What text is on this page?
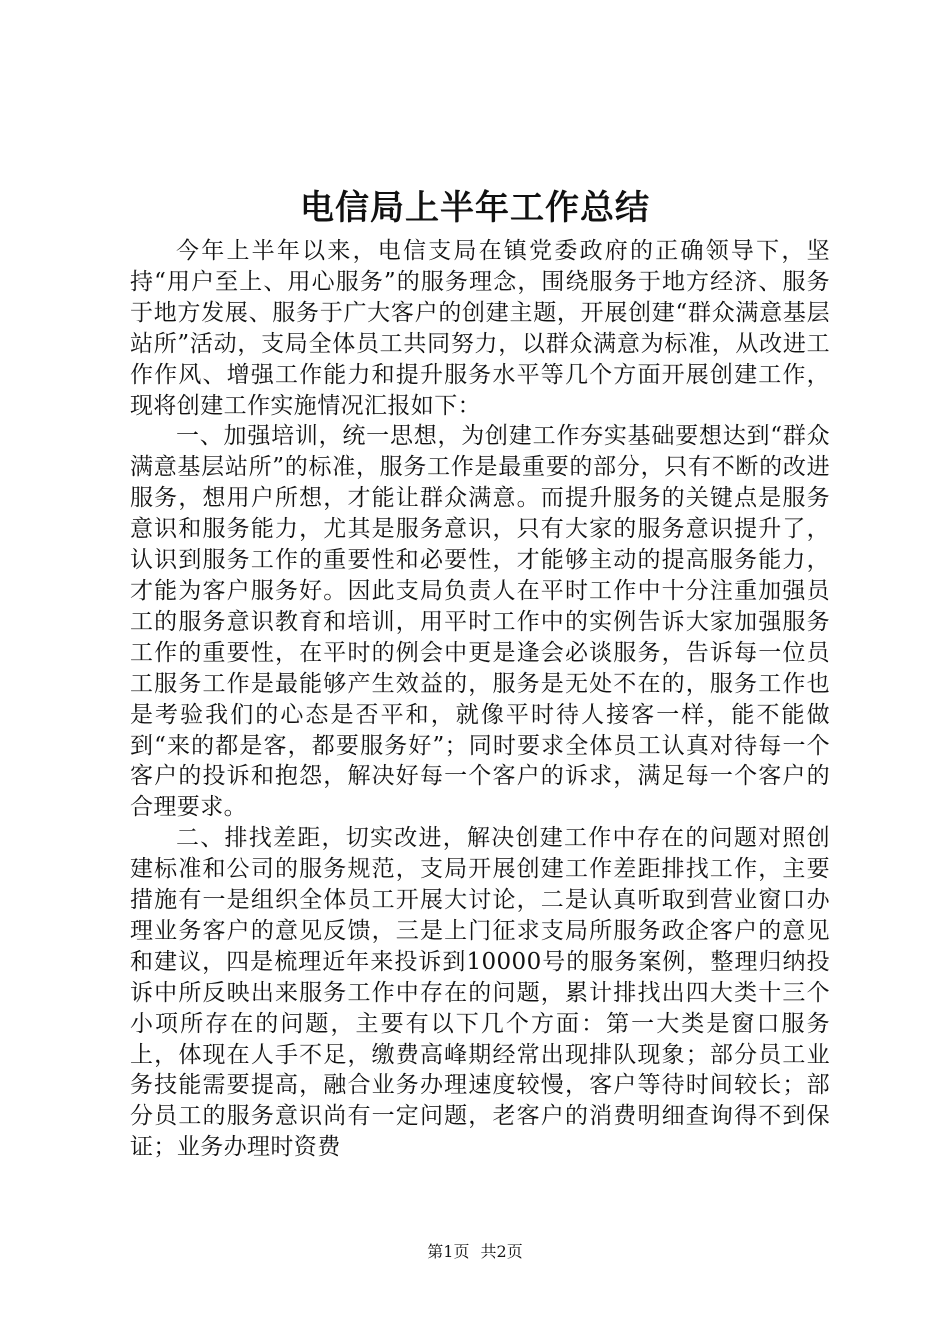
电信局上半年工作总结

今年上半年以来，电信支局在镇党委政府的正确领导下，坚持“用户至上、用心服务”的服务理念，围绕服务于地方经济、服务于地方发展、服务于广大客户的创建主题，开展创建“群众满意基层站所”活动，支局全体员工共同努力，以群众满意为标准，从改进工作作风、增强工作能力和提升服务水平等几个方面开展创建工作，现将创建工作实施情况汇报如下：

一、加强培训，统一思想，为创建工作夯实基础要想达到“群众满意基层站所”的标准，服务工作是最重要的部分，只有不断的改进服务，想用户所想，才能让群众满意。而提升服务的关键点是服务意识和服务能力，尤其是服务意识，只有大家的服务意识提升了，认识到服务工作的重要性和必要性，才能够主动的提高服务能力，才能为客户服务好。因此支局负责人在平时工作中十分注重加强员工的服务意识教育和培训，用平时工作中的实例告诉大家加强服务工作的重要性，在平时的例会中更是逢会必谈服务，告诉每一位员工服务工作是最能够产生效益的，服务是无处不在的，服务工作也是考验我们的心态是否平和，就像平时待人接客一样，能不能做到“来的都是客，都要服务好”；同时要求全体员工认真对待每一个客户的投诉和抱怨，解决好每一个客户的诉求，满足每一个客户的合理要求。

二、排找差距，切实改进，解决创建工作中存在的问题对照创建标准和公司的服务规范，支局开展创建工作差距排找工作，主要措施有一是组织全体员工开展大讨论，二是认真听取到营业窗口办理业务客户的意见反馈，三是上门征求支局所服务政企客户的意见和建议，四是梳理近年来投诉到10000号的服务案例，整理归纳投诉中所反映出来服务工作中存在的问题，累计排找出四大类十三个小项所存在的问题，主要有以下几个方面：第一大类是窗口服务上，体现在人手不足，缴费高峰期经常出现排队现象；部分员工业务技能需要提高，融合业务办理速度较慢，客户等待时间较长；部分员工的服务意识尚有一定问题，老客户的消费明细查询得不到保证；业务办理时资费

第1页 共2页
